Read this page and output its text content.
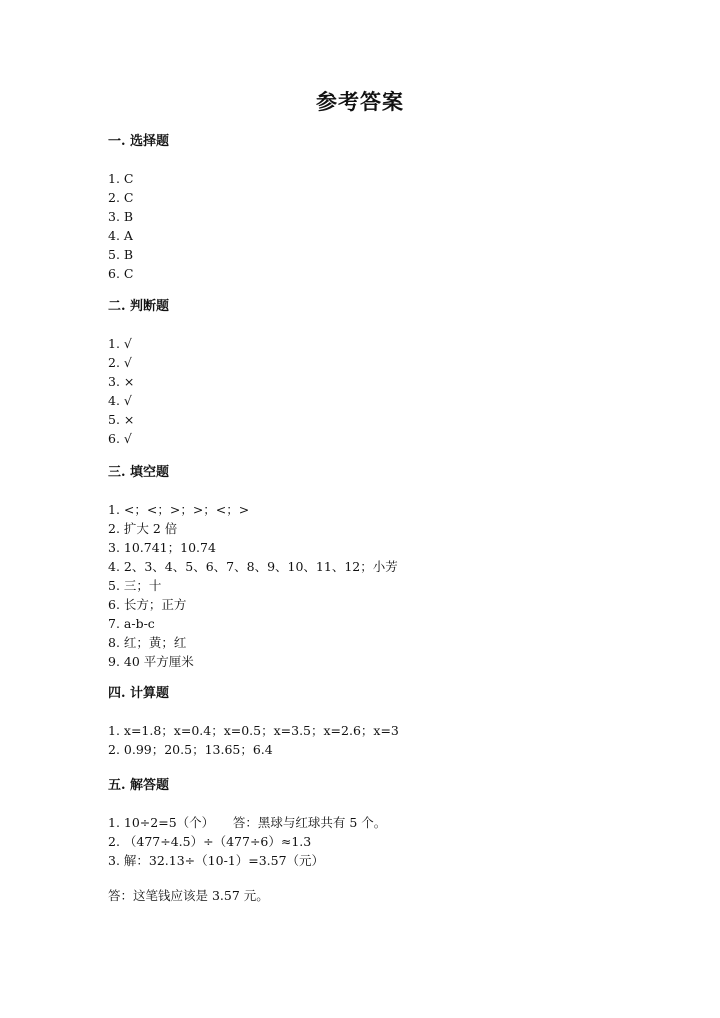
参考答案
一. 选择题
1. C
2. C
3. B
4. A
5. B
6. C
二. 判断题
1. √
2. √
3. ×
4. √
5. ×
6. √
三. 填空题
1. <；<；>；>；<；>
2. 扩大 2 倍
3. 10.741；10.74
4. 2、3、4、5、6、7、8、9、10、11、12；小芳
5. 三；十
6. 长方；正方
7. a-b-c
8. 红；黄；红
9. 40 平方厘米
四. 计算题
1. x=1.8；x=0.4；x=0.5；x=3.5；x=2.6；x=3
2. 0.99；20.5；13.65；6.4
五. 解答题
1. 10÷2=5（个）　　答：黑球与红球共有 5 个。
2. （477÷4.5）÷（477÷6）≈1.3
3. 解：32.13÷（10-1）=3.57（元）
答：这笔钱应该是 3.57 元。
